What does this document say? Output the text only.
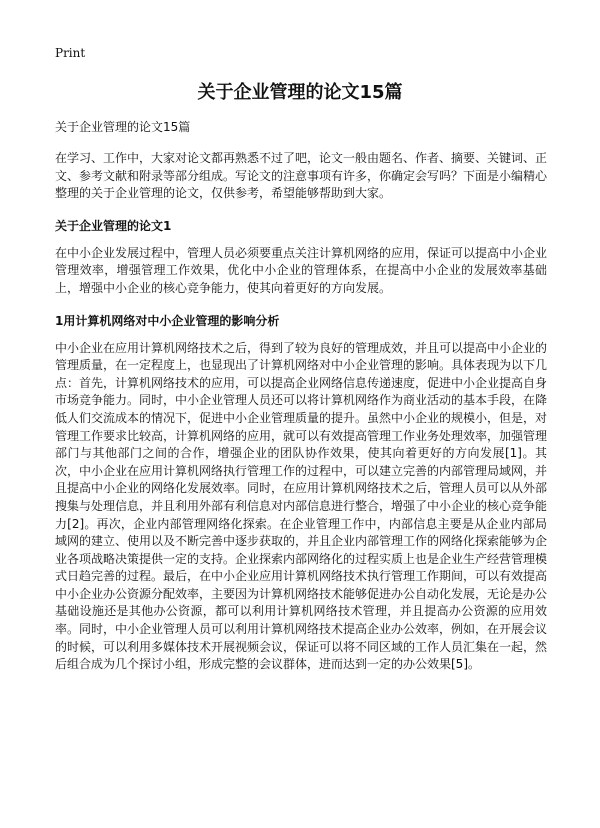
Print
关于企业管理的论文15篇

关于企业管理的论文15篇

在学习、工作中，大家对论文都再熟悉不过了吧，论文一般由题名、作者、摘要、关键词、正文、参考文献和附录等部分组成。写论文的注意事项有许多，你确定会写吗？下面是小编精心整理的关于企业管理的论文，仅供参考，希望能够帮助到大家。

关于企业管理的论文1

在中小企业发展过程中，管理人员必须要重点关注计算机网络的应用，保证可以提高中小企业管理效率，增强管理工作效果，优化中小企业的管理体系，在提高中小企业的发展效率基础上，增强中小企业的核心竞争能力，使其向着更好的方向发展。

1用计算机网络对中小企业管理的影响分析

中小企业在应用计算机网络技术之后，得到了较为良好的管理成效，并且可以提高中小企业的管理质量，在一定程度上，也显现出了计算机网络对中小企业管理的影响。具体表现为以下几点：首先，计算机网络技术的应用，可以提高企业网络信息传递速度，促进中小企业提高自身市场竞争能力。同时，中小企业管理人员还可以将计算机网络作为商业活动的基本手段，在降低人们交流成本的情况下，促进中小企业管理质量的提升。虽然中小企业的规模小，但是，对管理工作要求比较高，计算机网络的应用，就可以有效提高管理工作业务处理效率，加强管理部门与其他部门之间的合作，增强企业的团队协作效果，使其向着更好的方向发展[1]。其次，中小企业在应用计算机网络执行管理工作的过程中，可以建立完善的内部管理局域网，并且提高中小企业的网络化发展效率。同时，在应用计算机网络技术之后，管理人员可以从外部搜集与处理信息，并且利用外部有利信息对内部信息进行整合，增强了中小企业的核心竞争能力[2]。再次，企业内部管理网络化探索。在企业管理工作中，内部信息主要是从企业内部局域网的建立、使用以及不断完善中逐步获取的，并且企业内部管理工作的网络化探索能够为企业各项战略决策提供一定的支持。企业探索内部网络化的过程实质上也是企业生产经营管理模式日趋完善的过程。最后，在中小企业应用计算机网络技术执行管理工作期间，可以有效提高中小企业办公资源分配效率，主要因为计算机网络技术能够促进办公自动化发展，无论是办公基础设施还是其他办公资源，都可以利用计算机网络技术管理，并且提高办公资源的应用效率。同时，中小企业管理人员可以利用计算机网络技术提高企业办公效率，例如，在开展会议的时候，可以利用多媒体技术开展视频会议，保证可以将不同区域的工作人员汇集在一起，然后组合成为几个探讨小组，形成完整的会议群体，进而达到一定的办公效果[5]。
